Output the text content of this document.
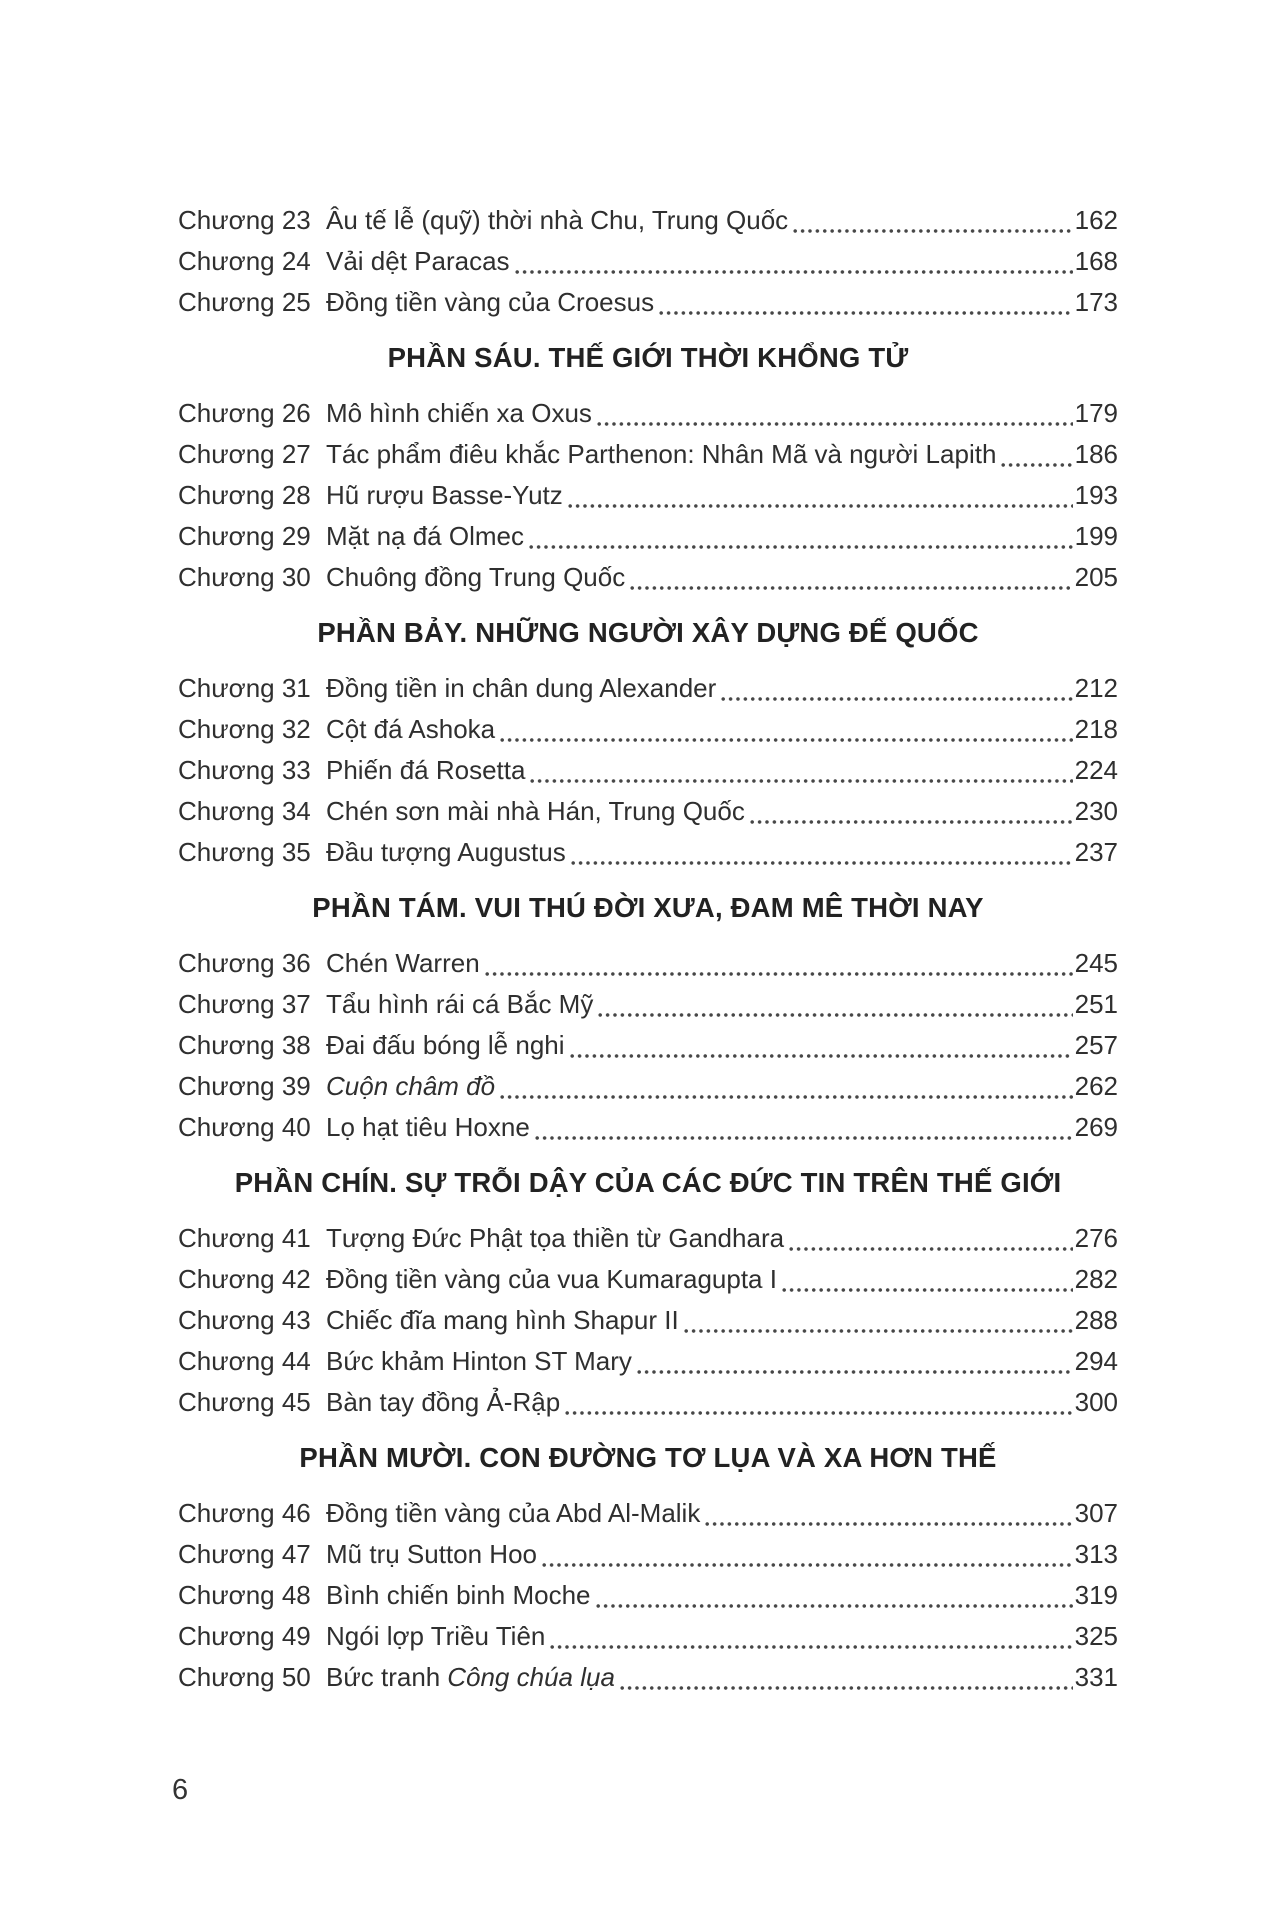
Chương 23 Âu tế lễ (quỹ) thời nhà Chu, Trung Quốc	162
Chương 24 Vải dệt Paracas	168
Chương 25 Đồng tiền vàng của Croesus	173
PHẦN SÁU. THẾ GIỚI THỜI KHỔNG TỬ
Chương 26 Mô hình chiến xa Oxus	179
Chương 27 Tác phẩm điêu khắc Parthenon: Nhân Mã và người Lapith	186
Chương 28 Hũ rượu Basse-Yutz	193
Chương 29 Mặt nạ đá Olmec	199
Chương 30 Chuông đồng Trung Quốc	205
PHẦN BẢY. NHỮNG NGƯỜI XÂY DỰNG ĐẾ QUỐC
Chương 31 Đồng tiền in chân dung Alexander	212
Chương 32 Cột đá Ashoka	218
Chương 33 Phiến đá Rosetta	224
Chương 34 Chén sơn mài nhà Hán, Trung Quốc	230
Chương 35 Đầu tượng Augustus	237
PHẦN TÁM. VUI THÚ ĐỜI XƯA, ĐAM MÊ THỜI NAY
Chương 36 Chén Warren	245
Chương 37 Tẩu hình rái cá Bắc Mỹ	251
Chương 38 Đai đấu bóng lễ nghi	257
Chương 39 Cuộn châm đồ	262
Chương 40 Lọ hạt tiêu Hoxne	269
PHẦN CHÍN. SỰ TRỖI DẬY CỦA CÁC ĐỨC TIN TRÊN THẾ GIỚI
Chương 41 Tượng Đức Phật tọa thiền từ Gandhara	276
Chương 42 Đồng tiền vàng của vua Kumaragupta I	282
Chương 43 Chiếc đĩa mang hình Shapur II	288
Chương 44 Bức khảm Hinton ST Mary	294
Chương 45 Bàn tay đồng Ả-Rập	300
PHẦN MƯỜI. CON ĐƯỜNG TƠ LỤA VÀ XA HƠN THẾ
Chương 46 Đồng tiền vàng của Abd Al-Malik	307
Chương 47 Mũ trụ Sutton Hoo	313
Chương 48 Bình chiến binh Moche	319
Chương 49 Ngói lợp Triều Tiên	325
Chương 50 Bức tranh Công chúa lụa	331
6
